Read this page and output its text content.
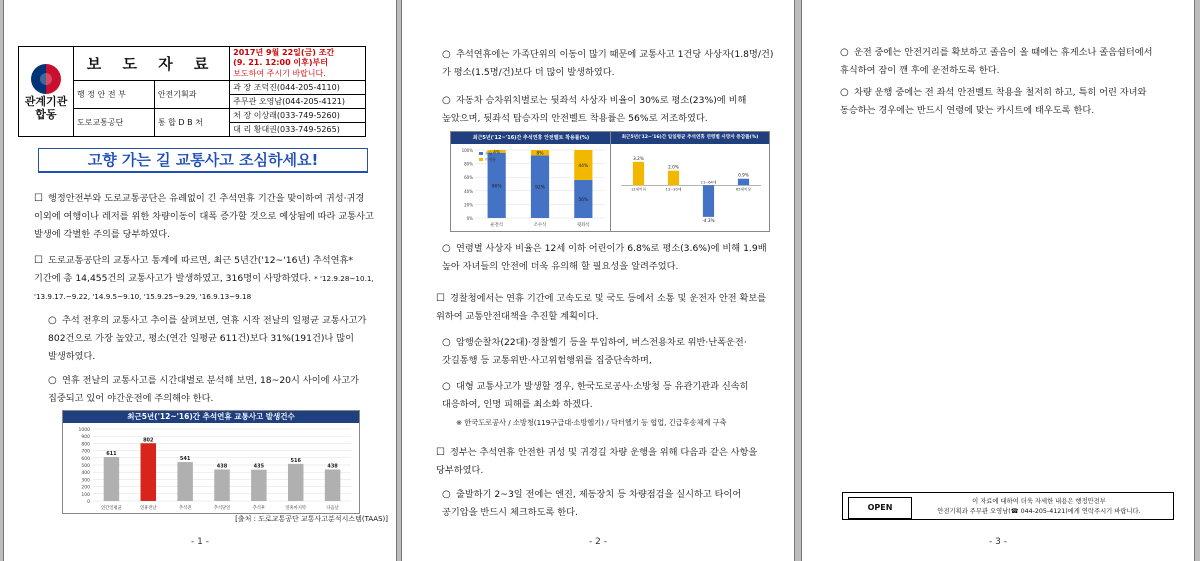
관계기관 합동	보 도 자 료		2017년 9월 22일(금) 조간
(9. 21. 12:00 이후)부터
보도하여 주시기 바랍니다.

	행 정 안 전 부	안전기획과	과 장 조덕진(044-205-4110)
			주무관 오영남(044-205-4121)
	도로교통공단	통 합 D B 처	처 장 이상래(033-749-5260)
			대 리 황대권(033-749-5265)
고향 가는 길 교통사고 조심하세요!
☐ 행정안전부와 도로교통공단은 유례없이 긴 추석연휴 기간을 맞이하여 귀성·귀경 이외에 여행이나 레저를 위한 차량이동이 대폭 증가할 것으로 예상됨에 따라 교통사고 발생에 각별한 주의를 당부하였다.
☐ 도로교통공단의 교통사고 통계에 따르면, 최근 5년간('12~'16년) 추석연휴* 기간에 총 14,455건의 교통사고가 발생하였고, 316명이 사망하였다. * '12.9.28~10.1, '13.9.17.~9.22, '14.9.5~9.10, '15.9.25~9.29, '16.9.13~9.18
○ 추석 전후의 교통사고 추이를 살펴보면, 연휴 시작 전날의 일평균 교통사고가 802건으로 가장 높았고, 평소(연간 일평균 611건)보다 31%(191건)나 많이 발생하였다.
○ 연휴 전날의 교통사고를 시간대별로 분석해 보면, 18~20시 사이에 사고가 집중되고 있어 야간운전에 주의해야 한다.
최근5년('12~'16)간 추석연휴 교통사고 발생건수
0
100
200
300
400
500
600
700
800
900
1000
611
연간일평균
802
연휴전날
541
추석전
438
추석당일
435
추석후
516
연휴마지막
438
다음날
[출처 : 도로교통공단 교통사고분석시스템(TAAS)]
- 1 -
○ 추석연휴에는 가족단위의 이동이 많기 때문에 교통사고 1건당 사상자(1.8명/건)가 평소(1.5명/건)보다 더 많이 발생하였다.
○ 자동차 승차위치별로는 뒷좌석 사상자 비율이 30%로 평소(23%)에 비해 높았으며, 뒷좌석 탑승자의 안전벨트 착용률은 56%로 저조하였다.
최근5년('12~'16)간 추석연휴 안전벨트 착용률(%)
0%
20%
40%
60%
80%
100%
96%
4%
운전석
92%
8%
조수석
56%
44%
뒷좌석
착용
미착용
최근5년('12~'16)간 일일평균 추석연휴 연령별 사망자 증감률(%)
3.2%
12세이하
2.0%
13~20세
-4.3%
21~64세
0.9%
65세이상
○ 연령별 사상자 비율은 12세 이하 어린이가 6.8%로 평소(3.6%)에 비해 1.9배 높아 자녀들의 안전에 더욱 유의해 할 필요성을 알려주었다.
☐ 경찰청에서는 연휴 기간에 고속도로 및 국도 등에서 소통 및 운전자 안전 확보를 위하여 교통안전대책을 추진할 계획이다.
○ 암행순찰차(22대)·경찰헬기 등을 투입하여, 버스전용차로 위반·난폭운전·갓길통행 등 교통위반·사고위험행위를 집중단속하며,
○ 대형 교통사고가 발생할 경우, 한국도로공사·소방청 등 유관기관과 신속히 대응하여, 인명 피해를 최소화 하겠다.
※ 한국도로공사 / 소방청(119구급대·소방헬기) / 닥터헬기 등 협업, 긴급후송체계 구축
☐ 정부는 추석연휴 안전한 귀성 및 귀경길 차량 운행을 위해 다음과 같은 사항을 당부하였다.
○ 출발하기 2~3일 전에는 엔진, 제동장치 등 차량점검을 실시하고 타이어 공기압을 반드시 체크하도록 한다.
- 2 -
○ 운전 중에는 안전거리를 확보하고 졸음이 올 때에는 휴게소나 졸음쉼터에서 휴식하여 잠이 깬 후에 운전하도록 한다.
○ 차량 운행 중에는 전 좌석 안전벨트 착용을 철저히 하고, 특히 어린 자녀와 동승하는 경우에는 반드시 연령에 맞는 카시트에 태우도록 한다.
OPEN
이 자료에 대하여 더욱 자세한 내용은 행정안전부
안전기획과 주무관 오영남(☎ 044-205-4121)에게 연락주시기 바랍니다.
- 3 -
